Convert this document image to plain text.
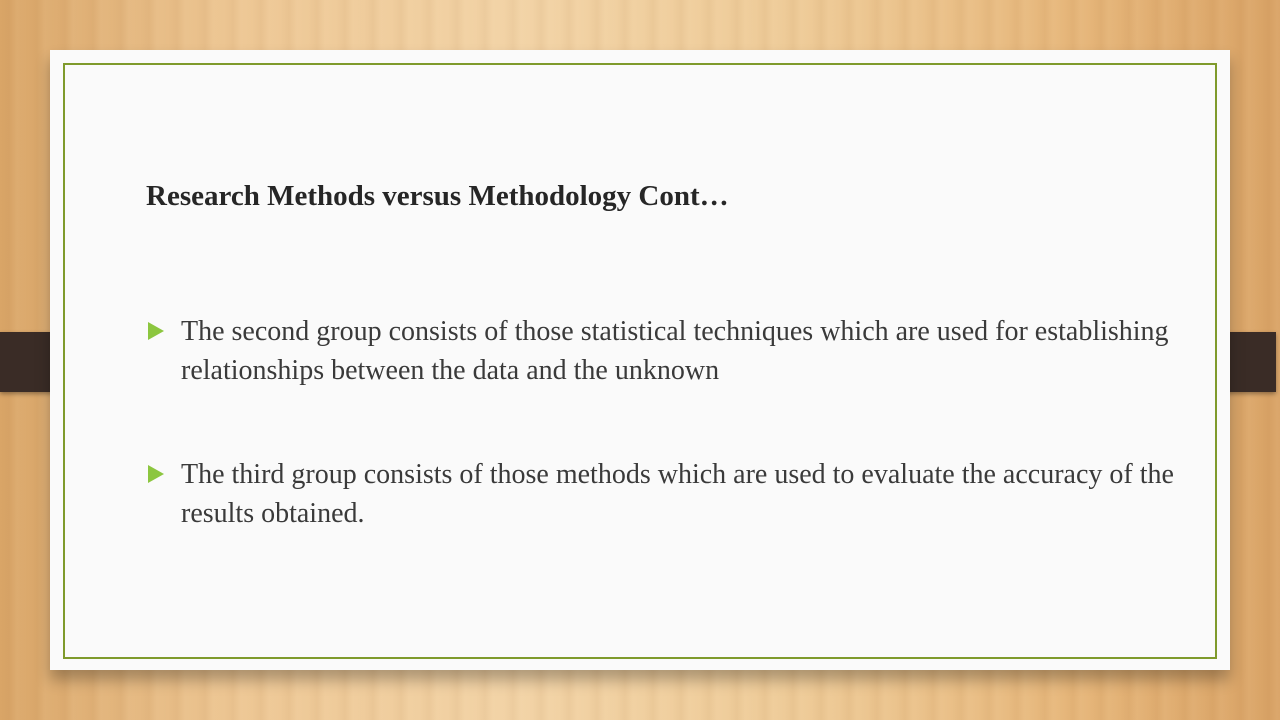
Research Methods versus Methodology Cont…
The second group consists of those statistical techniques which are used for establishing relationships between the data and the unknown
The third group consists of those methods which are used to evaluate the accuracy of the results obtained.
